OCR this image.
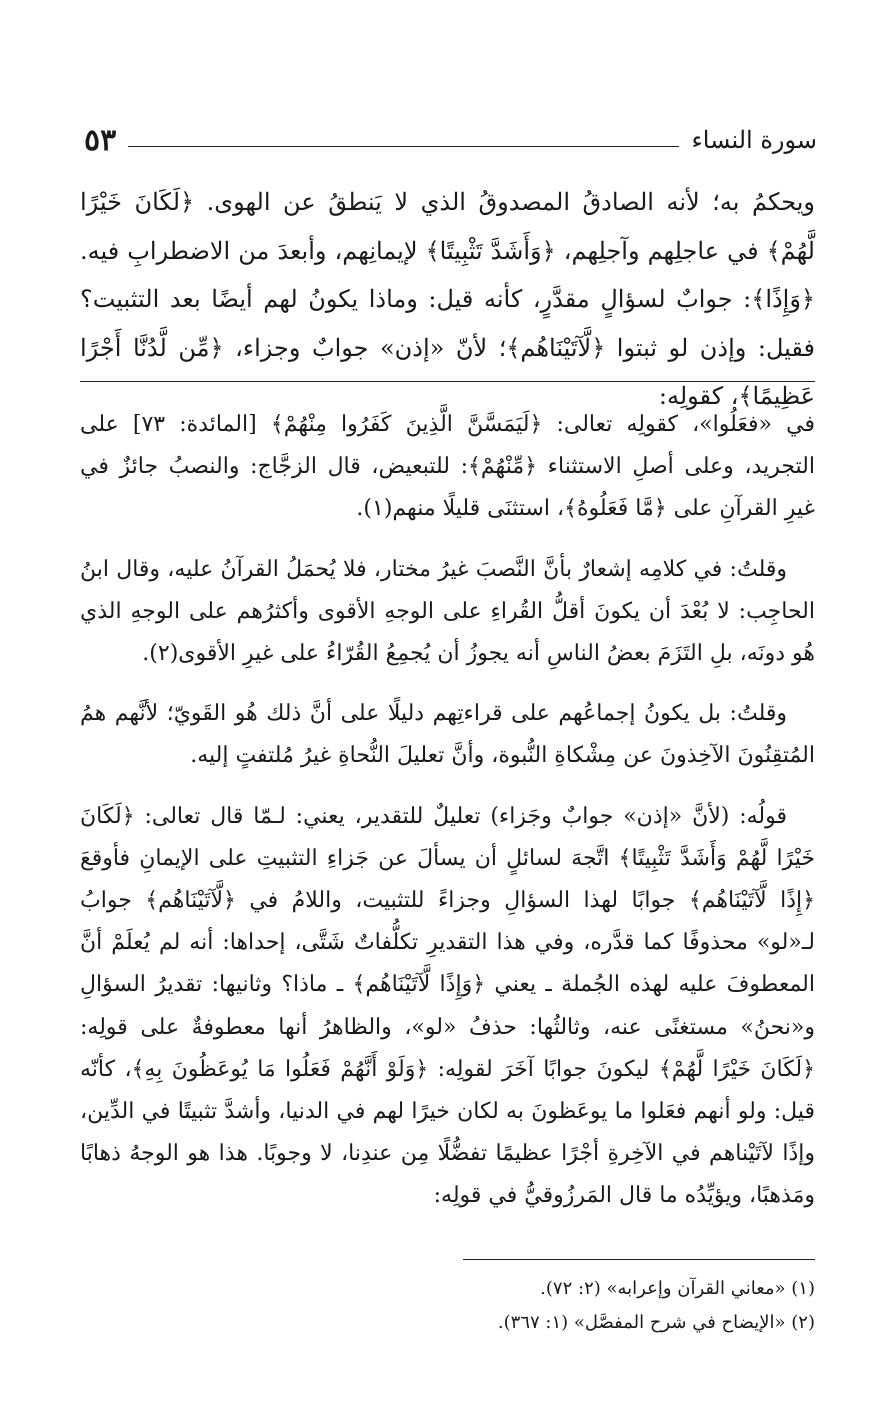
سورة النساء
٥٣

ويحكمُ به؛ لأنه الصادقُ المصدوقُ الذي لا يَنطقُ عن الهوى. ﴿لَكَانَ خَيْرًا لَّهُمْ﴾ في عاجلِهم وآجلِهم، ﴿وَأَشَدَّ تَثْبِيتًا﴾ لإيمانِهم، وأبعدَ من الاضطرابِ فيه. ﴿وَإِذًا﴾: جوابٌ لسؤالٍ مقدَّرٍ، كأنه قيل: وماذا يكونُ لهم أيضًا بعد التثبيت؟ فقيل: وإذن لو ثبتوا ﴿لَّآتَيْنَاهُم﴾؛ لأنّ «إذن» جوابٌ وجزاء، ﴿مِّن لَّدُنَّا أَجْرًا عَظِيمًا﴾، كقولِه:

في «فعَلُوا»، كقولِه تعالى: ﴿لَيَمَسَّنَّ الَّذِينَ كَفَرُوا مِنْهُمْ﴾ [المائدة: ٧٣] على التجريد، وعلى أصلِ الاستثناء ﴿مِّنْهُمْ﴾: للتبعيض، قال الزجَّاج: والنصبُ جائزٌ في غيرِ القرآنِ على ﴿مَّا فَعَلُوهُ﴾، استثنَى قليلًا منهم(١).

وقلتُ: في كلامِه إشعارٌ بأنَّ النَّصبَ غيرُ مختار، فلا يُحمَلُ القرآنُ عليه، وقال ابنُ الحاجِب: لا بُعْدَ أن يكونَ أقلُّ القُراءِ على الوجهِ الأقوى وأكثرُهم على الوجهِ الذي هُو دونَه، بلِ التَزَمَ بعضُ الناسِ أنه يجوزُ أن يُجمِعُ القُرّاءُ على غيرِ الأقوى(٢).

وقلتُ: بل يكونُ إجماعُهم على قراءتِهم دليلًا على أنَّ ذلك هُو القَويّ؛ لأنَّهم همُ المُتقِنُونَ الآخِذونَ عن مِشْكاةِ النُّبوة، وأنَّ تعليلَ النُّحاةِ غيرُ مُلتفتٍ إليه.

قولُه: (لأنَّ «إذن» جوابٌ وجَزاء) تعليلٌ للتقدير، يعني: لـمّا قال تعالى: ﴿لَكَانَ خَيْرًا لَّهُمْ وَأَشَدَّ تَثْبِيتًا﴾ اتَّجهَ لسائلٍ أن يسألَ عن جَزاءِ التثبيتِ على الإيمانِ فأوقعَ ﴿إِذًا لَّآتَيْنَاهُم﴾ جوابًا لهذا السؤالِ وجزاءً للتثبيت، واللامُ في ﴿لَّآتَيْنَاهُم﴾ جوابُ لـ«لو» محذوفًا كما قدَّره، وفي هذا التقديرِ تكلُّفاتٌ شَتَّى، إحداها: أنه لم يُعلَمْ أنَّ المعطوفَ عليه لهذه الجُملة ـ يعني ﴿وَإِذًا لَّآتَيْنَاهُم﴾ ـ ماذا؟ وثانيها: تقديرُ السؤالِ و«نحنُ» مستغنًى عنه، وثالثُها: حذفُ «لو»، والظاهرُ أنها معطوفةٌ على قولِه: ﴿لَكَانَ خَيْرًا لَّهُمْ﴾ ليكونَ جوابًا آخَرَ لقولِه: ﴿وَلَوْ أَنَّهُمْ فَعَلُوا مَا يُوعَظُونَ بِهِ﴾، كأنّه قيل: ولو أنهم فعَلوا ما يوعَظونَ به لكان خيرًا لهم في الدنيا، وأشدَّ تثبيتًا في الدِّين، وإذًا لآتَيْناهم في الآخِرةِ أجْرًا عظيمًا تفضُّلًا مِن عندِنا، لا وجوبًا. هذا هو الوجهُ ذهابًا ومَذهبًا، ويؤيِّدُه ما قال المَرزُوقيُّ في قولِه:

(١) «معاني القرآن وإعرابه» (٢: ٧٢).
(٢) «الإيضاح في شرح المفصَّل» (١: ٣٦٧).
